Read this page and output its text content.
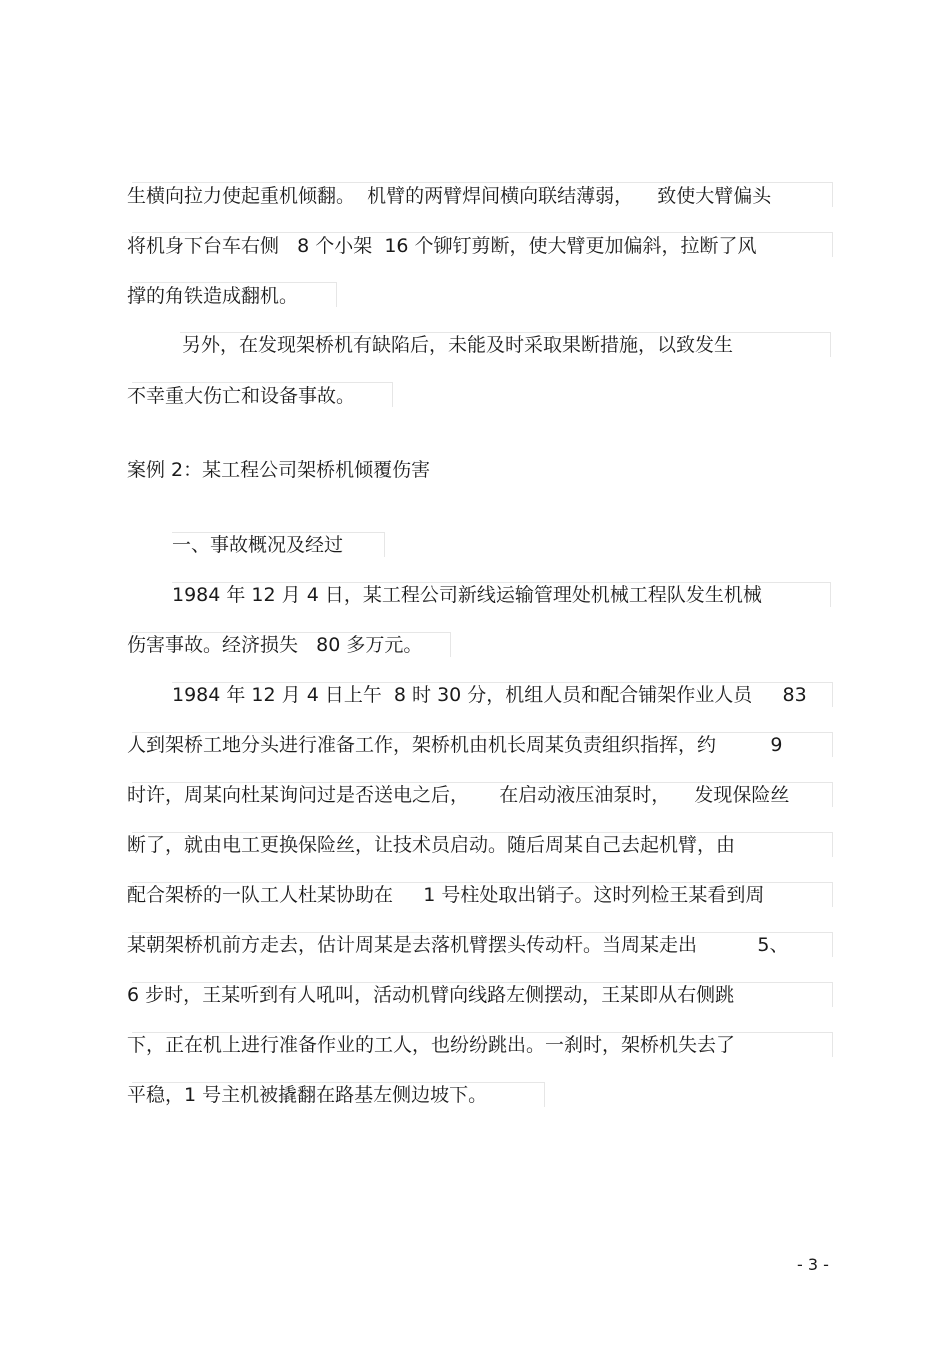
生横向拉力使起重机倾翻。  机臂的两臂焊间横向联结薄弱，    致使大臂偏头

将机身下台车右侧   8 个小架  16 个铆钉剪断，使大臂更加偏斜，拉断了风

撑的角铁造成翻机。

另外，在发现架桥机有缺陷后，未能及时采取果断措施，以致发生

不幸重大伤亡和设备事故。

案例 2：某工程公司架桥机倾覆伤害

一、事故概况及经过

1984 年 12 月 4 日，某工程公司新线运输管理处机械工程队发生机械

伤害事故。经济损失   80 多万元。

1984 年 12 月 4 日上午  8 时 30 分，机组人员和配合铺架作业人员     83

人到架桥工地分头进行准备工作，架桥机由机长周某负责组织指挥，约         9

时许，周某向杜某询问过是否送电之后，     在启动液压油泵时，    发现保险丝

断了，就由电工更换保险丝，让技术员启动。随后周某自己去起机臂，由

配合架桥的一队工人杜某协助在     1 号柱处取出销子。这时列检王某看到周

某朝架桥机前方走去，估计周某是去落机臂摆头传动杆。当周某走出          5、

6 步时，王某听到有人吼叫，活动机臂向线路左侧摆动，王某即从右侧跳

下，正在机上进行准备作业的工人，也纷纷跳出。一刹时，架桥机失去了

平稳，1 号主机被撬翻在路基左侧边坡下。

- 3 -
